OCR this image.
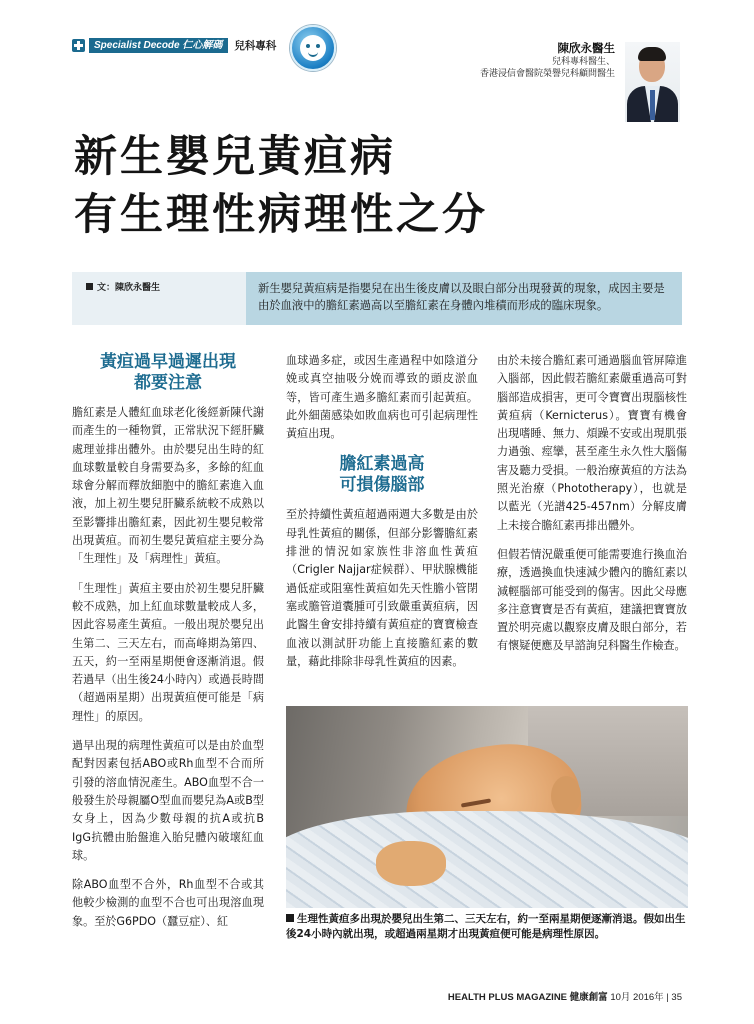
Specialist Decode 仁心解碼	兒科專科	陳欣永醫生
兒科專科醫生、
香港浸信會醫院榮譽兒科顧問醫生
新生嬰兒黃疸病
有生理性病理性之分
文：陳欣永醫生	新生嬰兒黃疸病是指嬰兒在出生後皮膚以及眼白部分出現發黃的現象，成因主要是由於血液中的膽紅素過高以至膽紅素在身體內堆積而形成的臨床現象。
黃疸過早過遲出現
都要注意

膽紅素是人體紅血球老化後經新陳代謝而產生的一種物質，正常狀況下經肝臟處理並排出體外。由於嬰兒出生時的紅血球數量較自身需要為多，多餘的紅血球會分解而釋放細胞中的膽紅素進入血液，加上初生嬰兒肝臟系統較不成熟以至影響排出膽紅素，因此初生嬰兒較常出現黃疸。而初生嬰兒黃疸症主要分為「生理性」及「病理性」黃疸。

「生理性」黃疸主要由於初生嬰兒肝臟較不成熟，加上紅血球數量較成人多，因此容易產生黃疸。一般出現於嬰兒出生第二、三天左右，而高峰期為第四、五天，約一至兩星期便會逐漸消退。假若過早（出生後24小時內）或過長時間（超過兩星期）出現黃疸便可能是「病理性」的原因。

過早出現的病理性黃疸可以是由於血型配對因素包括ABO或Rh血型不合而所引發的溶血情況產生。ABO血型不合一般發生於母親屬O型血而嬰兒為A或B型女身上，因為少數母親的抗A或抗B IgG抗體由胎盤進入胎兒體內破壞紅血球。

除ABO血型不合外，Rh血型不合或其他較少檢測的血型不合也可出現溶血現象。至於G6PDO（蠶豆症）、紅

血球過多症，或因生產過程中如陰道分娩或真空抽吸分娩而導致的頭皮淤血等，皆可產生過多膽紅素而引起黃疸。此外細菌感染如敗血病也可引起病理性黃疸出現。

膽紅素過高
可損傷腦部

至於持續性黃疸超過兩週大多數是由於母乳性黃疸的關係，但部分影響膽紅素排泄的情況如家族性非溶血性黃疸（Crigler Najjar症候群）、甲狀腺機能過低症或阻塞性黃疸如先天性膽小管閉塞或膽管道囊腫可引致嚴重黃疸病，因此醫生會安排持續有黃疸症的寶寶檢查血液以測試肝功能上直接膽紅素的數量，藉此排除非母乳性黃疸的因素。

由於未接合膽紅素可通過腦血管屏障進入腦部，因此假若膽紅素嚴重過高可對腦部造成損害，更可令寶寶出現腦核性黃疸病（Kernicterus）。寶寶有機會出現嗜睡、無力、煩躁不安或出現肌張力過強、痙攣，甚至產生永久性大腦傷害及聽力受損。一般治療黃疸的方法為照光治療（Phototherapy），也就是以藍光（光譜425-457nm）分解皮膚上未接合膽紅素再排出體外。

但假若情況嚴重便可能需要進行換血治療，透過換血快速減少體內的膽紅素以減輕腦部可能受到的傷害。因此父母應多注意寶寶是否有黃疸，建議把寶寶放置於明亮處以觀察皮膚及眼白部分，若有懷疑便應及早諮詢兒科醫生作檢查。

生理性黃疸多出現於嬰兒出生第二、三天左右，約一至兩星期便逐漸消退。假如出生後24小時內就出現，或超過兩星期才出現黃疸便可能是病理性原因。
HEALTH PLUS MAGAZINE 健康創富 10月 2016年 | 35
